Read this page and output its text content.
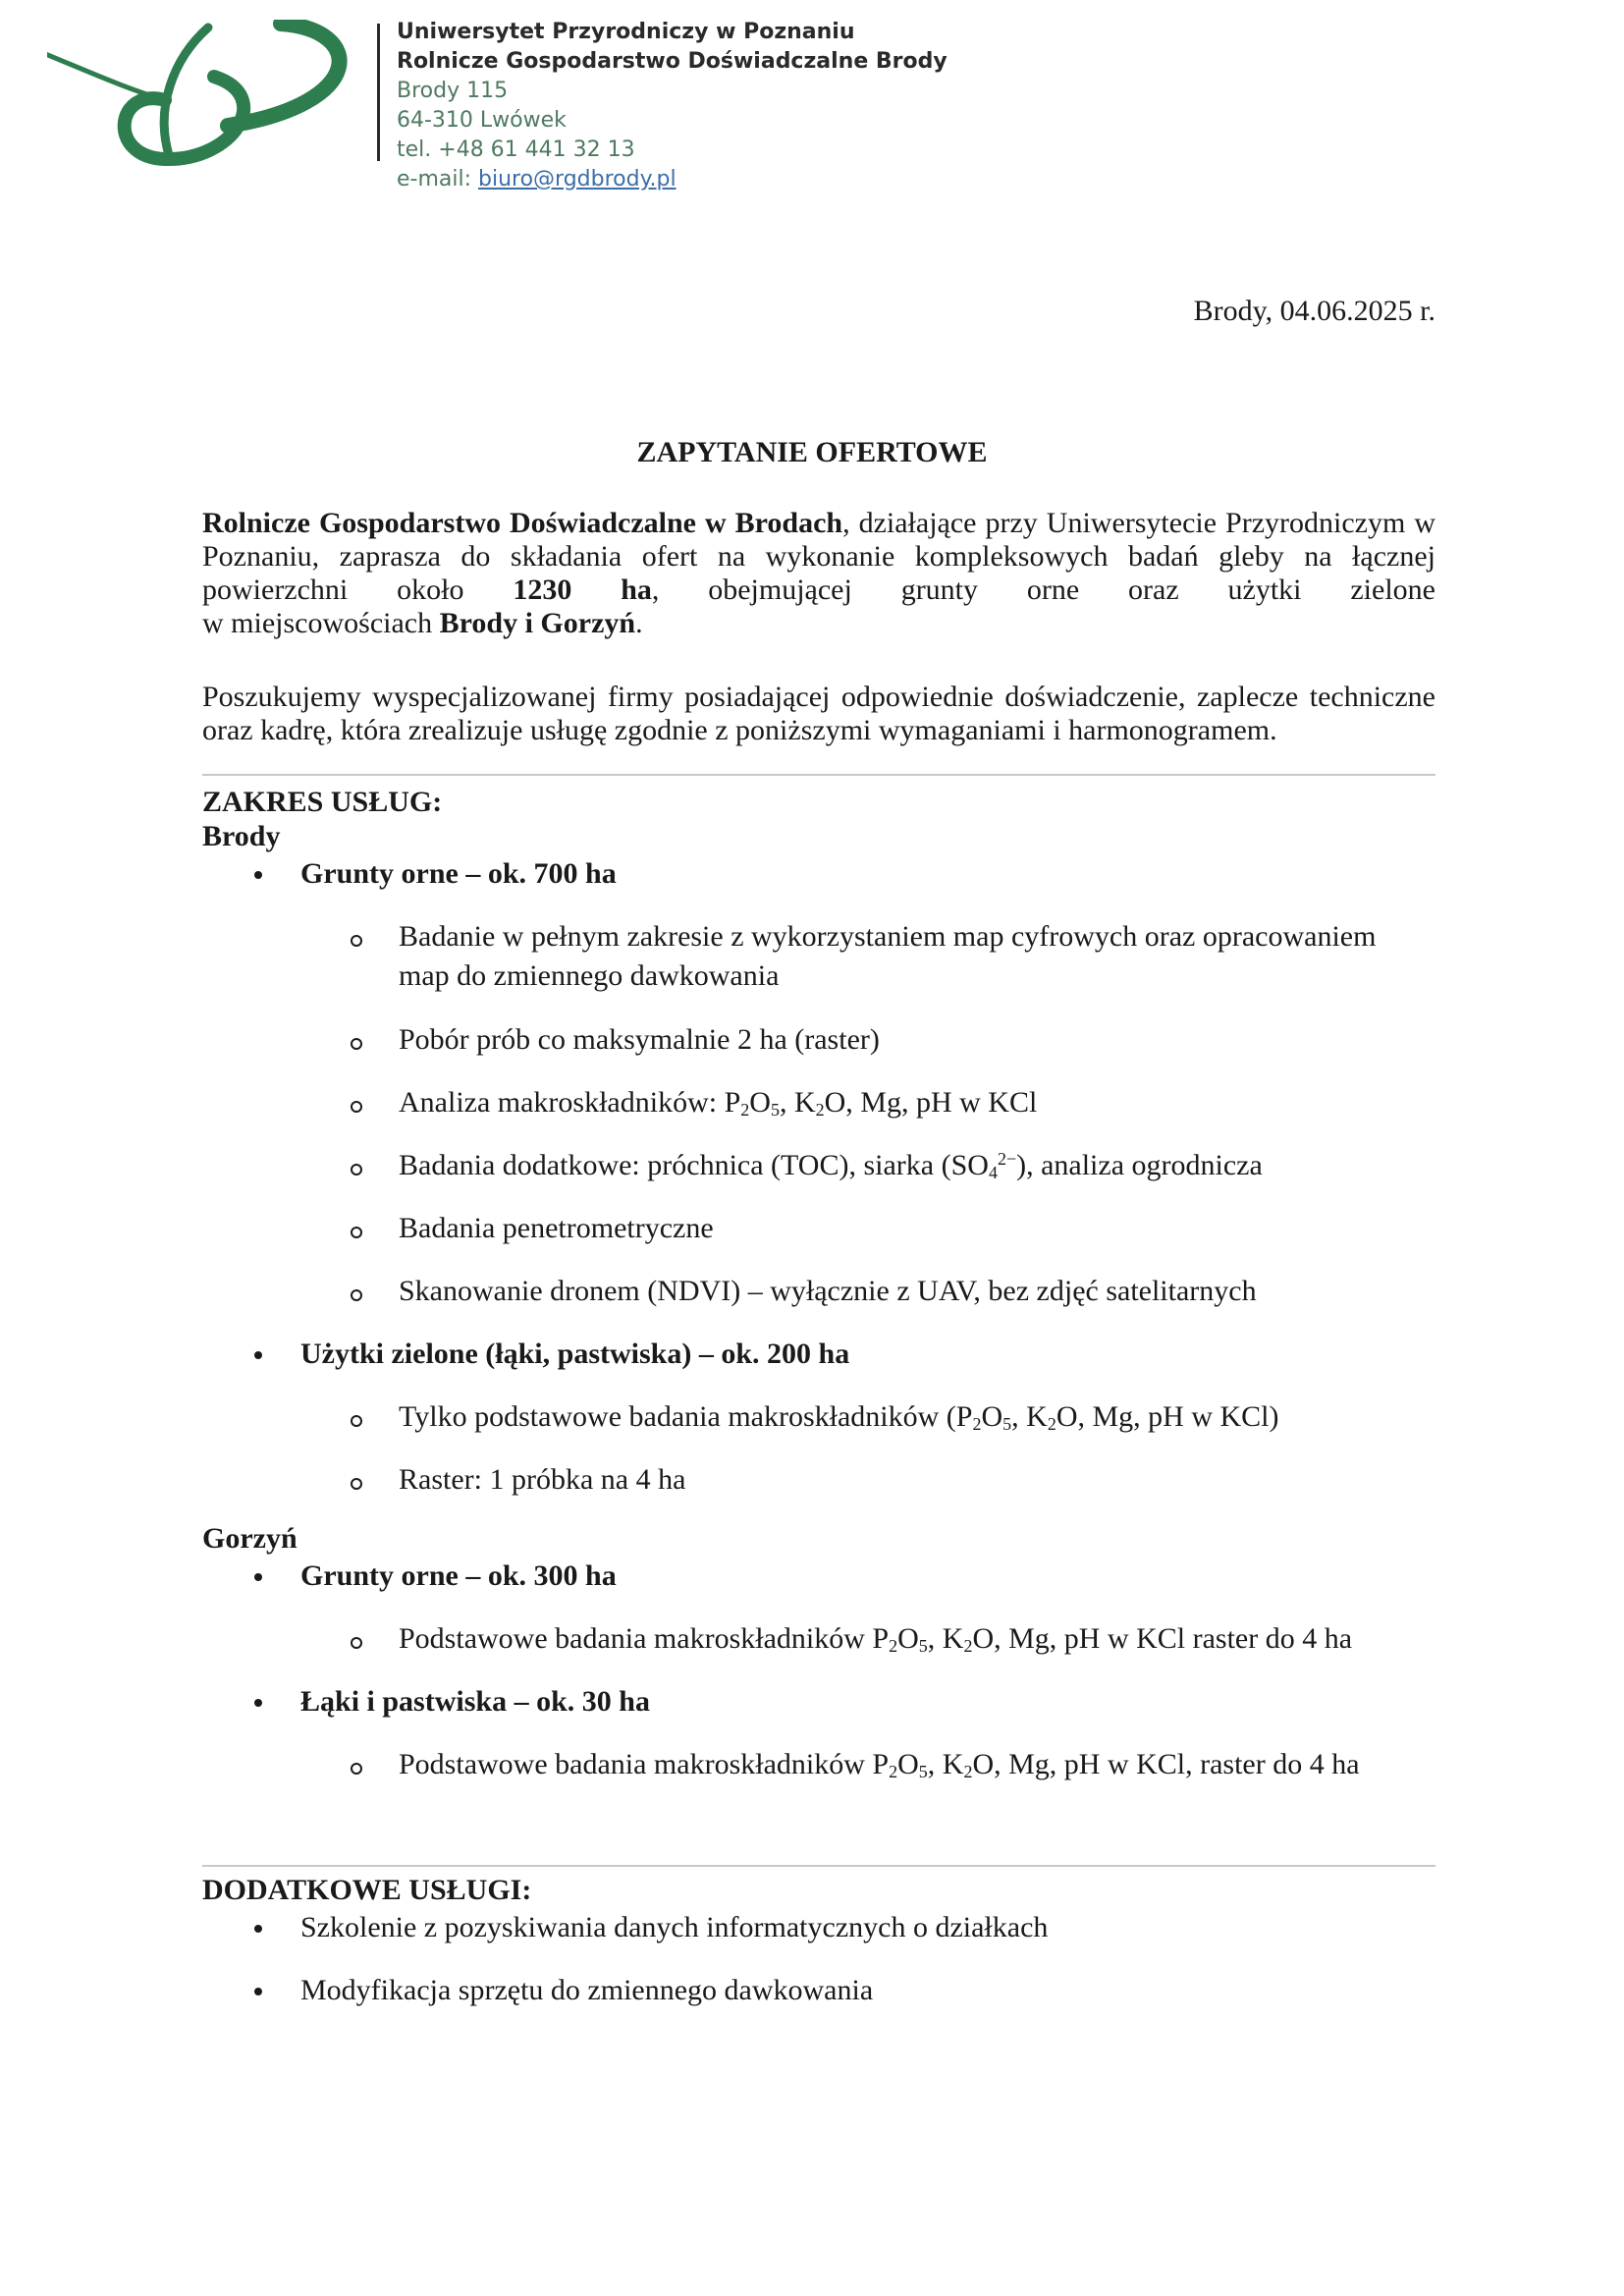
Uniwersytet Przyrodniczy w Poznaniu
Rolnicze Gospodarstwo Doświadczalne Brody
Brody 115
64-310 Lwówek
tel. +48 61 441 32 13
e-mail: biuro@rgdbrody.pl
Brody, 04.06.2025 r.
ZAPYTANIE OFERTOWE
Rolnicze Gospodarstwo Doświadczalne w Brodach, działające przy Uniwersytecie Przyrodniczym w
Poznaniu, zaprasza do składania ofert na wykonanie kompleksowych badań gleby na łącznej
powierzchni około 1230 ha, obejmującej grunty orne oraz użytki zielone
w miejscowościach Brody i Gorzyń.
Poszukujemy wyspecjalizowanej firmy posiadającej odpowiednie doświadczenie, zaplecze techniczne
oraz kadrę, która zrealizuje usługę zgodnie z poniższymi wymaganiami i harmonogramem.
ZAKRES USŁUG:
Brody
Grunty orne – ok. 700 ha
Badanie w pełnym zakresie z wykorzystaniem map cyfrowych oraz opracowaniem
map do zmiennego dawkowania
Pobór prób co maksymalnie 2 ha (raster)
Analiza makroskładników: $P_2O_5$, $K_2O$, Mg, pH w KCl
Badania dodatkowe: próchnica (TOC), siarka $(SO_4^{2-})$, analiza ogrodnicza
Badania penetrometryczne
Skanowanie dronem (NDVI) – wyłącznie z UAV, bez zdjęć satelitarnych
Użytki zielone (łąki, pastwiska) – ok. 200 ha
Tylko podstawowe badania makroskładników ($P_2O_5$, $K_2O$, Mg, pH w KCl)
Raster: 1 próbka na 4 ha
Gorzyń
Grunty orne – ok. 300 ha
Podstawowe badania makroskładników $P_2O_5$, $K_2O$, Mg, pH w KCl raster do 4 ha
Łąki i pastwiska – ok. 30 ha
Podstawowe badania makroskładników $P_2O_5$, $K_2O$, Mg, pH w KCl, raster do 4 ha
DODATKOWE USŁUGI:
Szkolenie z pozyskiwania danych informatycznych o działkach
Modyfikacja sprzętu do zmiennego dawkowania
